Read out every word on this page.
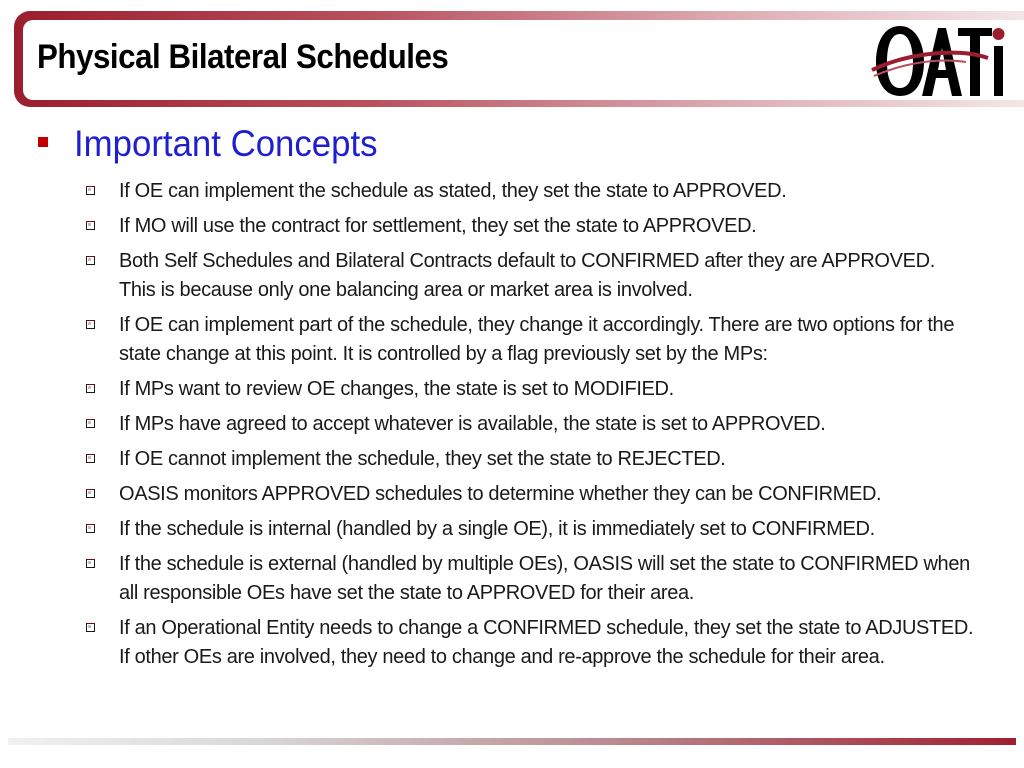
Physical Bilateral Schedules
Important Concepts
If OE can implement the schedule as stated, they set the state to APPROVED.
If MO will use the contract for settlement, they set the state to APPROVED.
Both Self Schedules and Bilateral Contracts default to CONFIRMED after they are APPROVED. This is because only one balancing area or market area is involved.
If OE can implement part of the schedule, they change it accordingly. There are two options for the state change at this point. It is controlled by a flag previously set by the MPs:
If MPs want to review OE changes, the state is set to MODIFIED.
If MPs have agreed to accept whatever is available, the state is set to APPROVED.
If OE cannot implement the schedule, they set the state to REJECTED.
OASIS monitors APPROVED schedules to determine whether they can be CONFIRMED.
If the schedule is internal (handled by a single OE), it is immediately set to CONFIRMED.
If the schedule is external (handled by multiple OEs), OASIS will set the state to CONFIRMED when all responsible OEs have set the state to APPROVED for their area.
If an Operational Entity needs to change a CONFIRMED schedule, they set the state to ADJUSTED. If other OEs are involved, they need to change and re-approve the schedule for their area.
